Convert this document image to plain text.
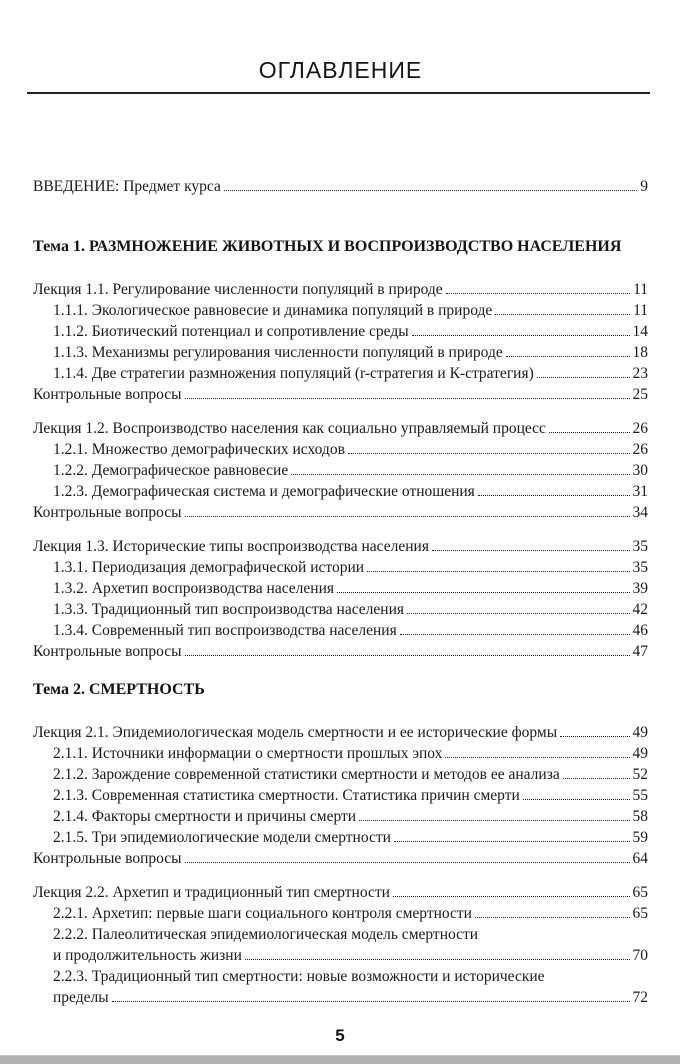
ОГЛАВЛЕНИЕ
ВВЕДЕНИЕ: Предмет курса	9
Тема 1. РАЗМНОЖЕНИЕ ЖИВОТНЫХ И ВОСПРОИЗВОДСТВО НАСЕЛЕНИЯ
Лекция 1.1. Регулирование численности популяций в природе	11
1.1.1. Экологическое равновесие и динамика популяций в природе	11
1.1.2. Биотический потенциал и сопротивление среды	14
1.1.3. Механизмы регулирования численности популяций в природе	18
1.1.4. Две стратегии размножения популяций (r-стратегия и К-стратегия)	23
Контрольные вопросы	25
Лекция 1.2. Воспроизводство населения как социально управляемый процесс	26
1.2.1. Множество демографических исходов	26
1.2.2. Демографическое равновесие	30
1.2.3. Демографическая система и демографические отношения	31
Контрольные вопросы	34
Лекция 1.3. Исторические типы воспроизводства населения	35
1.3.1. Периодизация демографической истории	35
1.3.2. Архетип воспроизводства населения	39
1.3.3. Традиционный тип воспроизводства населения	42
1.3.4. Современный тип воспроизводства населения	46
Контрольные вопросы	47
Тема 2. СМЕРТНОСТЬ
Лекция 2.1. Эпидемиологическая модель смертности и ее исторические формы	49
2.1.1. Источники информации о смертности прошлых эпох	49
2.1.2. Зарождение современной статистики смертности и методов ее анализа	52
2.1.3. Современная статистика смертности. Статистика причин смерти	55
2.1.4. Факторы смертности и причины смерти	58
2.1.5. Три эпидемиологические модели смертности	59
Контрольные вопросы	64
Лекция 2.2. Архетип и традиционный тип смертности	65
2.2.1. Архетип: первые шаги социального контроля смертности	65
2.2.2. Палеолитическая эпидемиологическая модель смертности
и продолжительность жизни	70
2.2.3. Традиционный тип смертности: новые возможности и исторические
пределы	72
5
